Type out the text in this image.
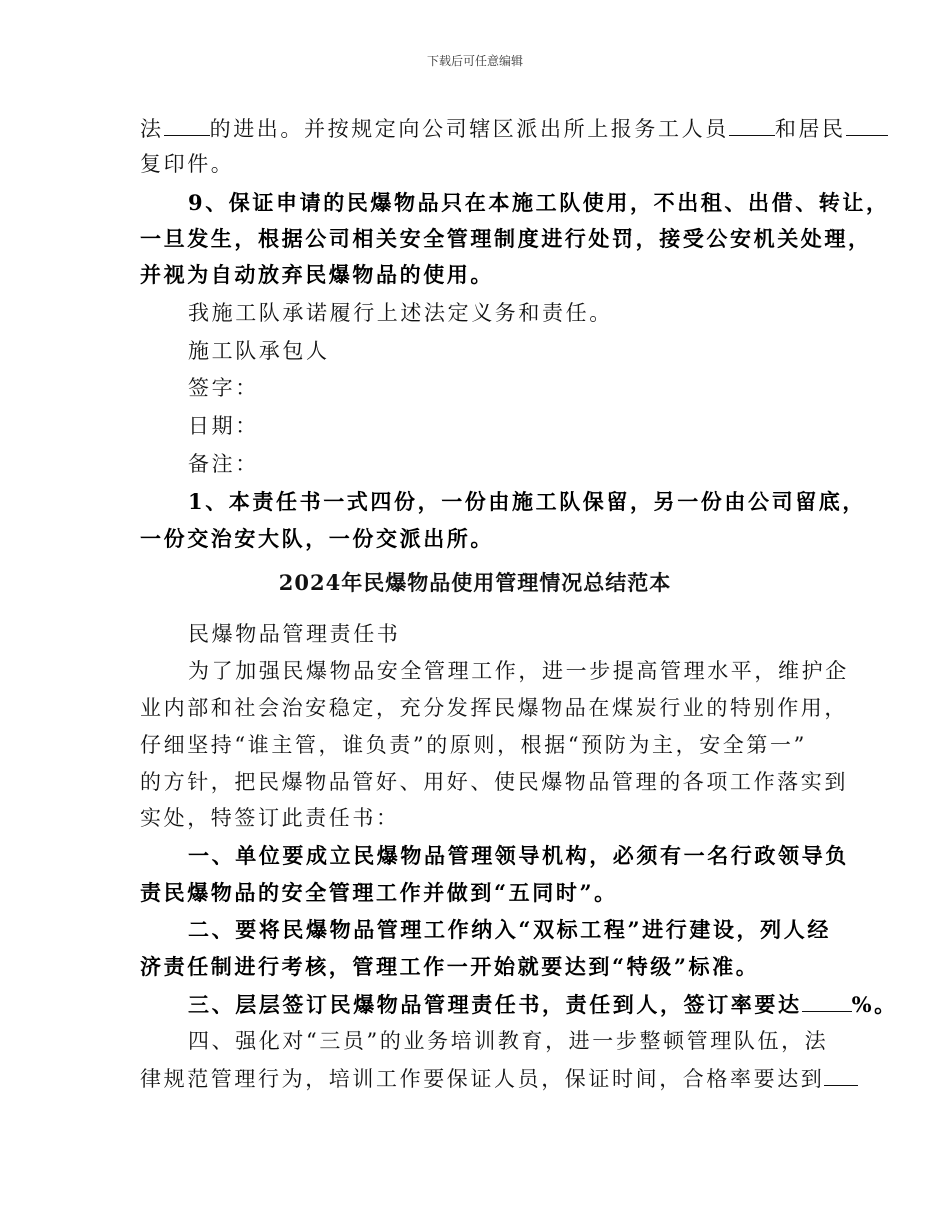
下载后可任意编辑
法 的进出。并按规定向公司辖区派出所上报务工人员 和居民
复印件。
9、保证申请的民爆物品只在本施工队使用，不出租、出借、转让，
一旦发生，根据公司相关安全管理制度进行处罚，接受公安机关处理，
并视为自动放弃民爆物品的使用。
我施工队承诺履行上述法定义务和责任。
施工队承包人
签字：
日期：
备注：
1、本责任书一式四份，一份由施工队保留，另一份由公司留底，
一份交治安大队，一份交派出所。
2024年民爆物品使用管理情况总结范本
民爆物品管理责任书
为了加强民爆物品安全管理工作，进一步提高管理水平，维护企
业内部和社会治安稳定，充分发挥民爆物品在煤炭行业的特别作用，
仔细坚持“谁主管，谁负责”的原则，根据“预防为主，安全第一”
的方针，把民爆物品管好、用好、使民爆物品管理的各项工作落实到
实处，特签订此责任书：
一、单位要成立民爆物品管理领导机构，必须有一名行政领导负
责民爆物品的安全管理工作并做到“五同时”。
二、要将民爆物品管理工作纳入“双标工程”进行建设，列人经
济责任制进行考核，管理工作一开始就要达到“特级”标准。
三、层层签订民爆物品管理责任书，责任到人，签订率要达 %。
四、强化对“三员”的业务培训教育，进一步整顿管理队伍，法
律规范管理行为，培训工作要保证人员，保证时间，合格率要达到
